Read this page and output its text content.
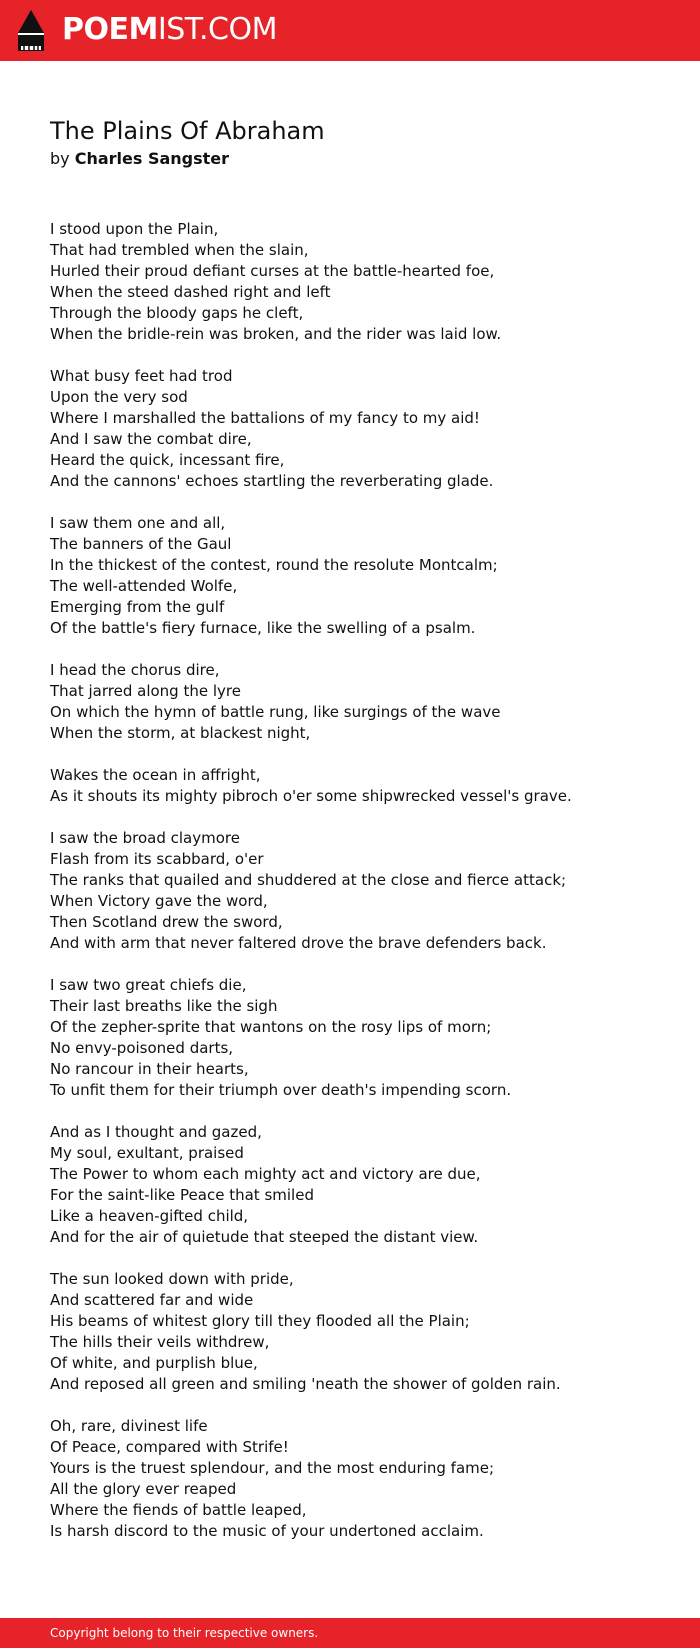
POEMIST.COM
The Plains Of Abraham
by Charles Sangster
I stood upon the Plain,
That had trembled when the slain,
Hurled their proud defiant curses at the battle-hearted foe,
When the steed dashed right and left
Through the bloody gaps he cleft,
When the bridle-rein was broken, and the rider was laid low.
What busy feet had trod
Upon the very sod
Where I marshalled the battalions of my fancy to my aid!
And I saw the combat dire,
Heard the quick, incessant fire,
And the cannons' echoes startling the reverberating glade.
I saw them one and all,
The banners of the Gaul
In the thickest of the contest, round the resolute Montcalm;
The well-attended Wolfe,
Emerging from the gulf
Of the battle's fiery furnace, like the swelling of a psalm.
I head the chorus dire,
That jarred along the lyre
On which the hymn of battle rung, like surgings of the wave
When the storm, at blackest night,
Wakes the ocean in affright,
As it shouts its mighty pibroch o'er some shipwrecked vessel's grave.
I saw the broad claymore
Flash from its scabbard, o'er
The ranks that quailed and shuddered at the close and fierce attack;
When Victory gave the word,
Then Scotland drew the sword,
And with arm that never faltered drove the brave defenders back.
I saw two great chiefs die,
Their last breaths like the sigh
Of the zepher-sprite that wantons on the rosy lips of morn;
No envy-poisoned darts,
No rancour in their hearts,
To unfit them for their triumph over death's impending scorn.
And as I thought and gazed,
My soul, exultant, praised
The Power to whom each mighty act and victory are due,
For the saint-like Peace that smiled
Like a heaven-gifted child,
And for the air of quietude that steeped the distant view.
The sun looked down with pride,
And scattered far and wide
His beams of whitest glory till they flooded all the Plain;
The hills their veils withdrew,
Of white, and purplish blue,
And reposed all green and smiling 'neath the shower of golden rain.
Oh, rare, divinest life
Of Peace, compared with Strife!
Yours is the truest splendour, and the most enduring fame;
All the glory ever reaped
Where the fiends of battle leaped,
Is harsh discord to the music of your undertoned acclaim.
Copyright belong to their respective owners.
